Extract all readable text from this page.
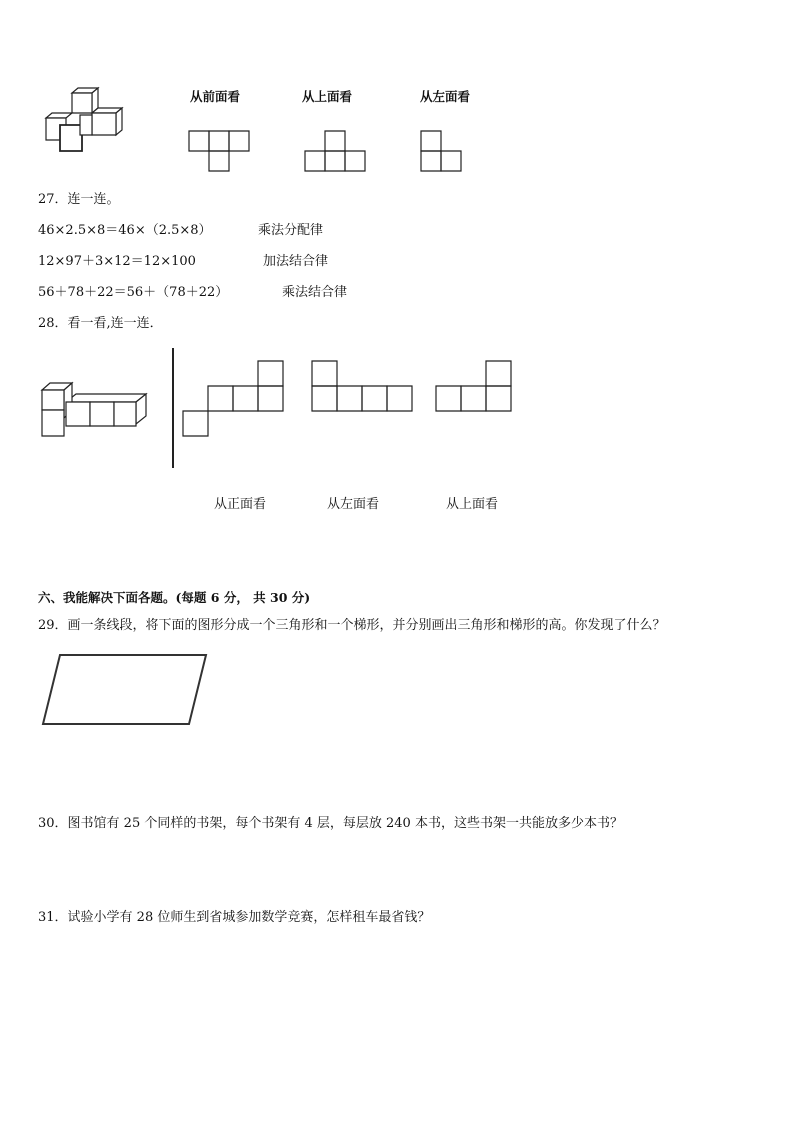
从前面看	从上面看	从左面看
27．连一连。
46×2.5×8＝46×（2.5×8）	乘法分配律
12×97＋3×12＝12×100	加法结合律
56＋78＋22＝56＋（78＋22）	乘法结合律
28．看一看,连一连．
从正面看	从左面看	从上面看
六、我能解决下面各题。(每题 6 分， 共 30 分)
29．画一条线段，将下面的图形分成一个三角形和一个梯形，并分别画出三角形和梯形的高。你发现了什么？
30．图书馆有 25 个同样的书架，每个书架有 4 层，每层放 240 本书，这些书架一共能放多少本书？
31．试验小学有 28 位师生到省城参加数学竞赛，怎样租车最省钱？
